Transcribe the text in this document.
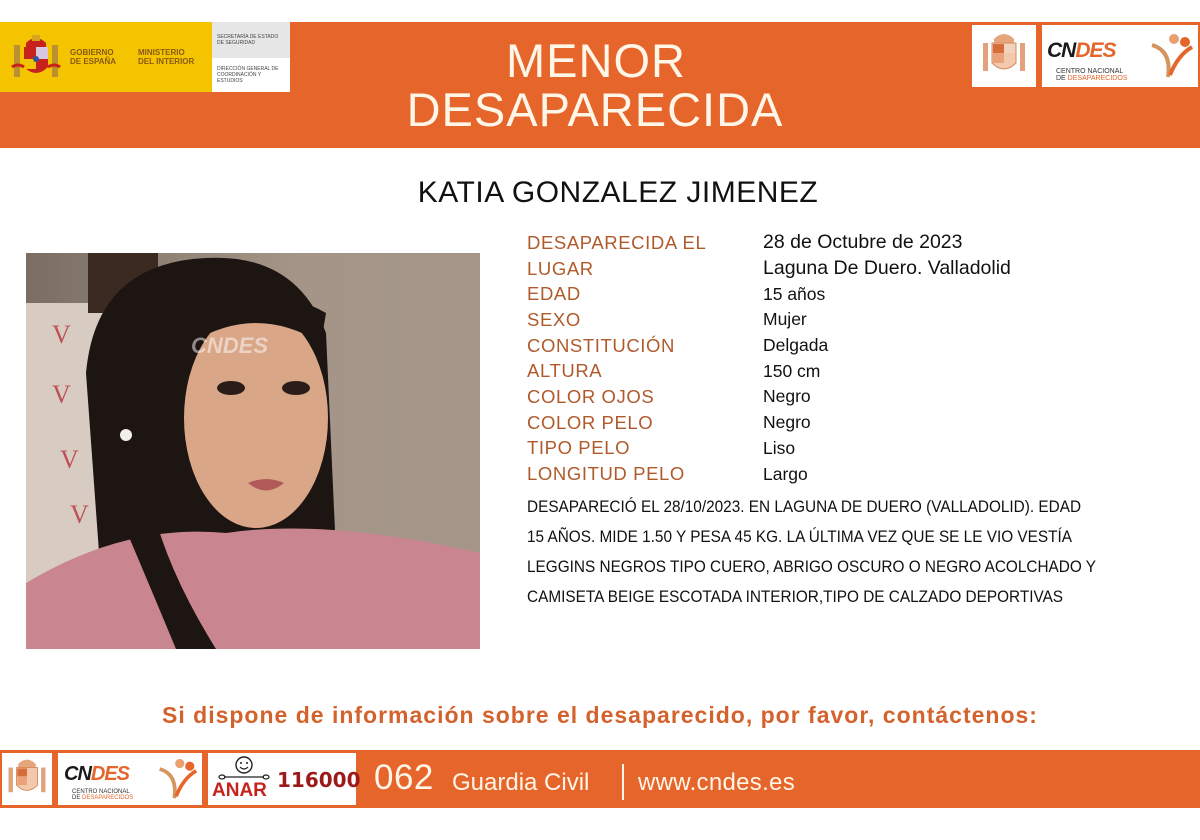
GOBIERNO
DE ESPAÑA
MINISTERIO
DEL INTERIOR
SECRETARÍA DE ESTADO DE SEGURIDAD
DIRECCIÓN GENERAL DE COORDINACIÓN Y ESTUDIOS	MENOR
DESAPARECIDA
CNDES
CENTRO NACIONAL
DE DESAPARECIDOS
KATIA GONZALEZ JIMENEZ
V
V
V
V
CNDES
DESAPARECIDA EL	28 de Octubre de 2023
LUGAR	Laguna De Duero. Valladolid
EDAD	15 años
SEXO	Mujer
CONSTITUCIÓN	Delgada
ALTURA	150 cm
COLOR OJOS	Negro
COLOR PELO	Negro
TIPO PELO	Liso
LONGITUD PELO	Largo
DESAPARECIÓ EL 28/10/2023. EN LAGUNA DE DUERO (VALLADOLID). EDAD
15 AÑOS. MIDE 1.50 Y PESA 45 KG. LA ÚLTIMA VEZ QUE SE LE VIO VESTÍA
LEGGINS NEGROS TIPO CUERO, ABRIGO OSCURO O NEGRO ACOLCHADO Y
CAMISETA BEIGE ESCOTADA INTERIOR,TIPO DE CALZADO DEPORTIVAS
Si dispone de información sobre el desaparecido, por favor, contáctenos:
CNDES
CENTRO NACIONAL
DE DESAPARECIDOS	ANAR 116000 062 Guardia Civil www.cndes.es
